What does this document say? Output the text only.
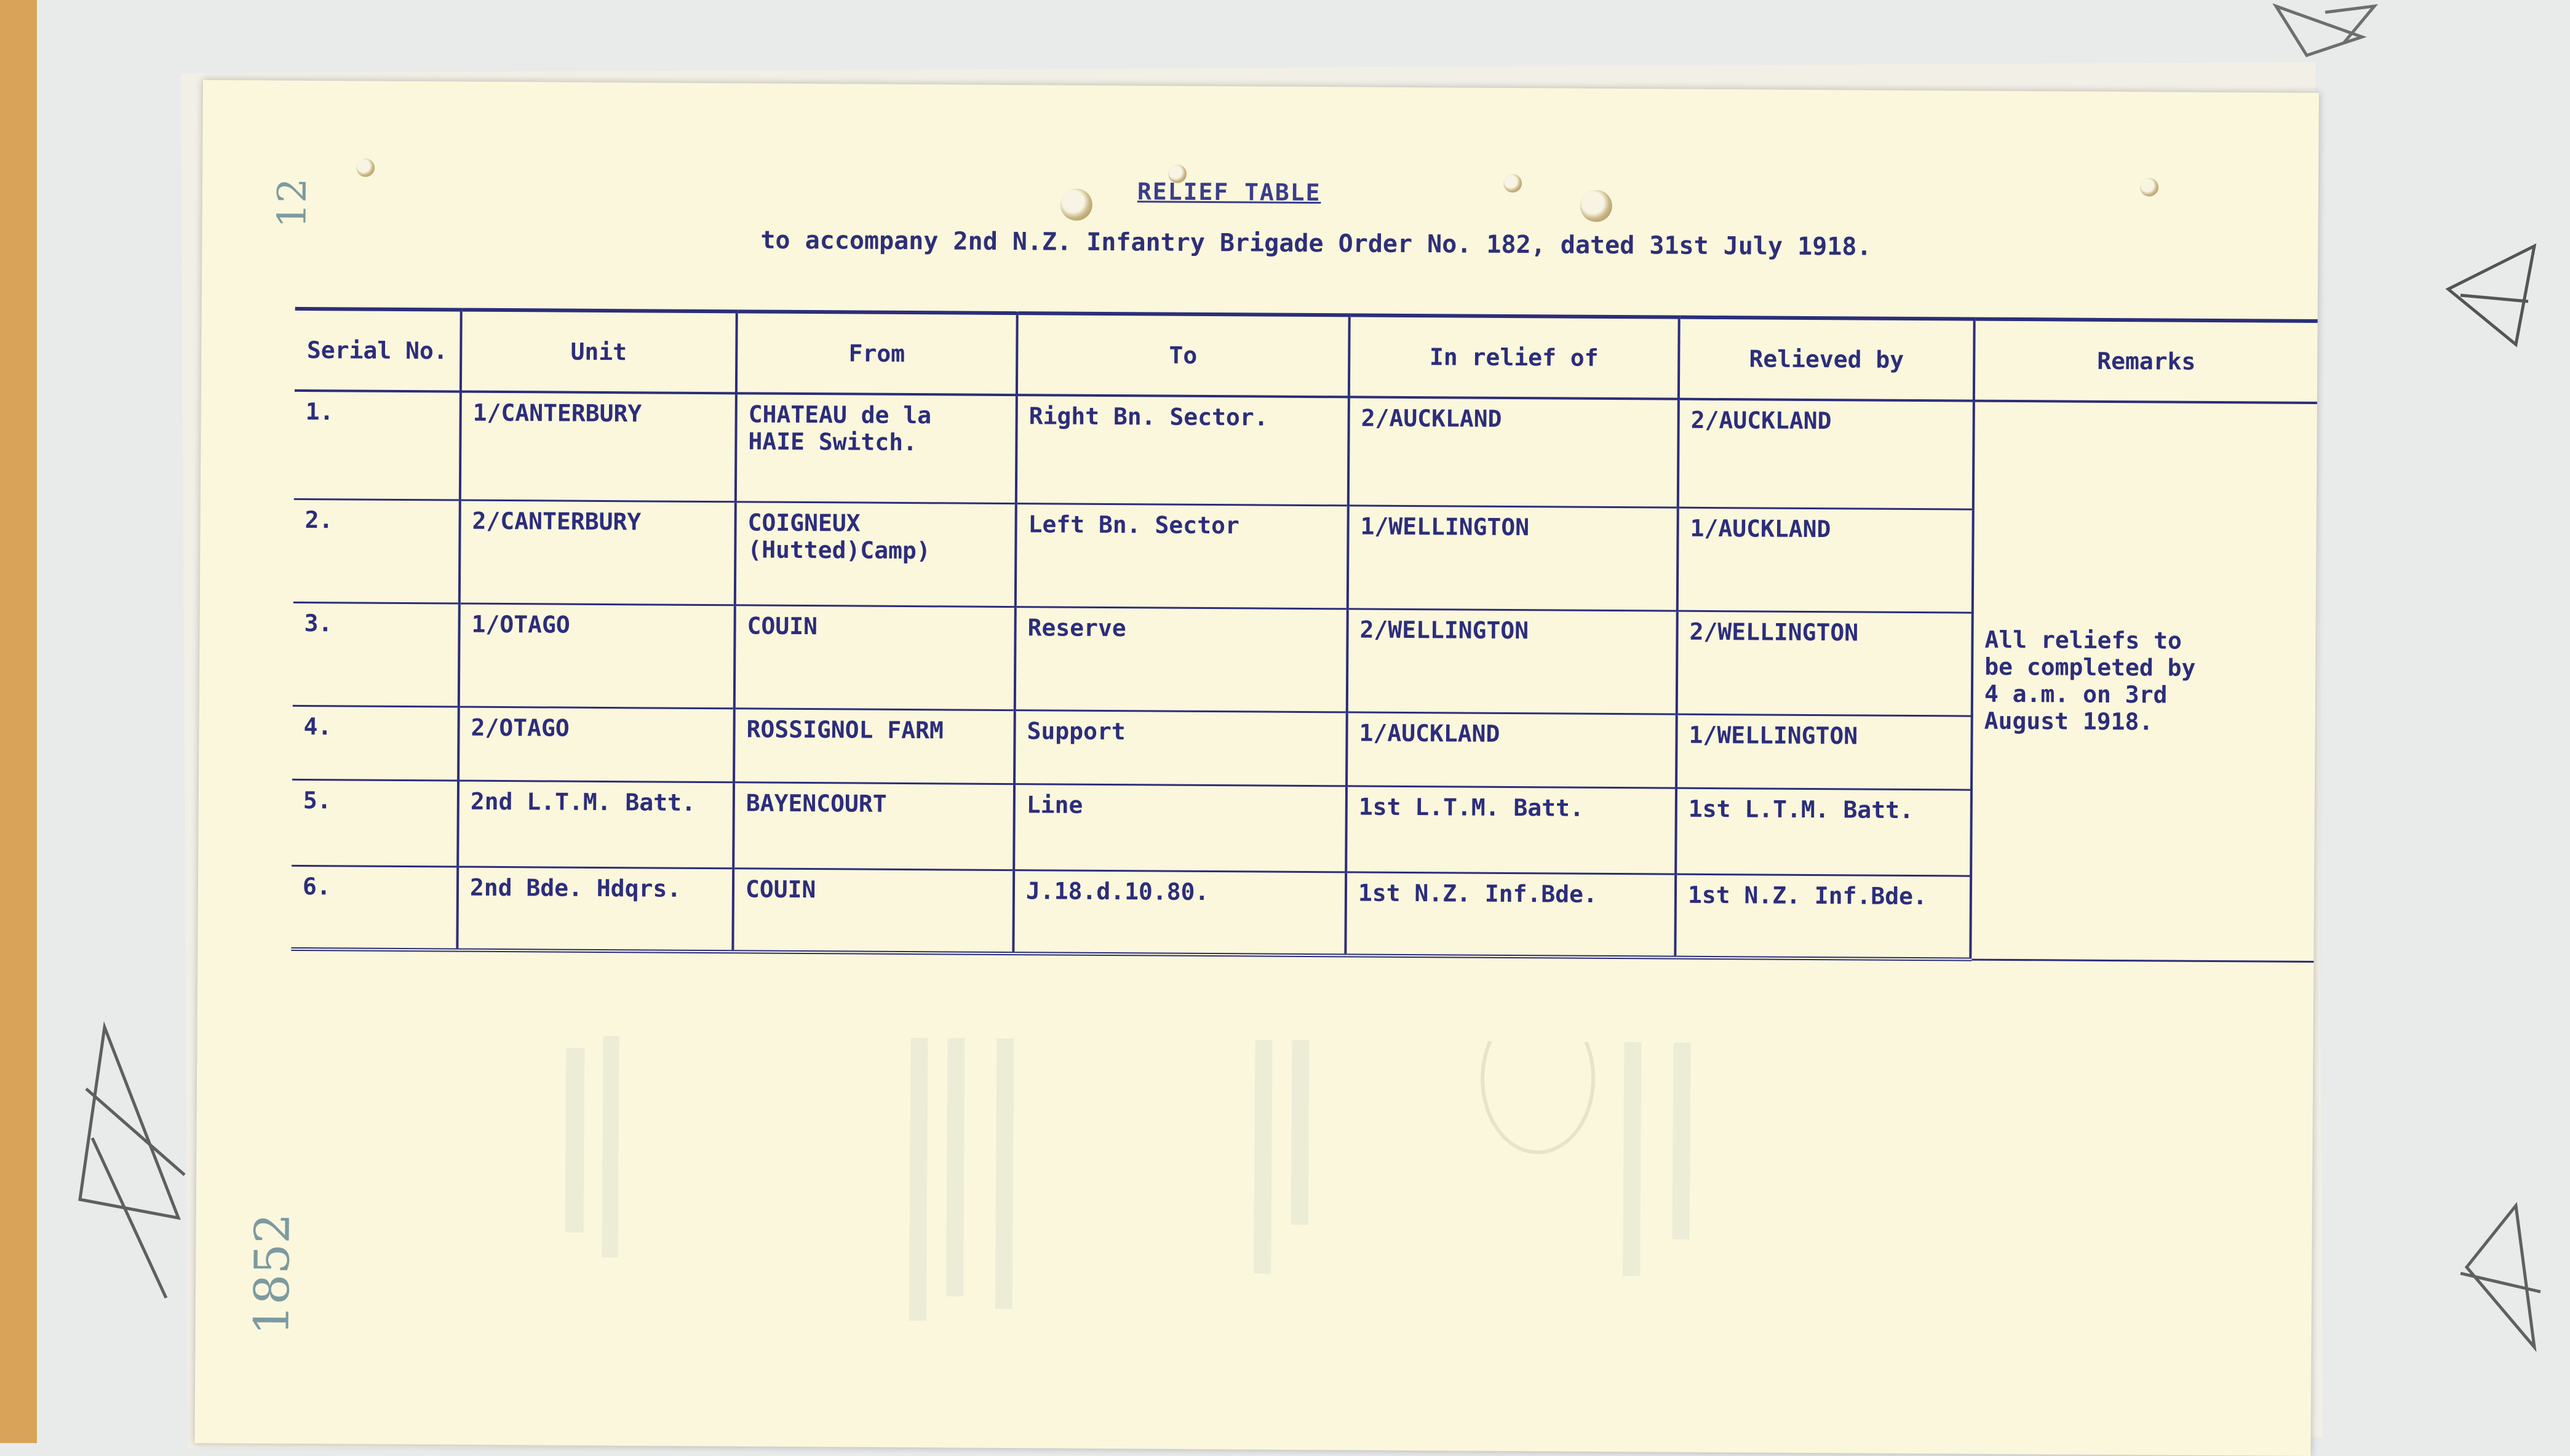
12
1852
RELIEF TABLE
to accompany 2nd N.Z. Infantry Brigade Order No. 182, dated 31st July 1918.
Serial No.	Unit	From	To	In relief of	Relieved by	Remarks
1.	1/CANTERBURY	CHATEAU de la
HAIE Switch.	Right Bn. Sector.	2/AUCKLAND	2/AUCKLAND	All reliefs to
be completed by
4 a.m. on 3rd
August 1918.
2.	2/CANTERBURY	COIGNEUX
(Hutted)Camp)	Left Bn. Sector	1/WELLINGTON	1/AUCKLAND	
3.	1/OTAGO	COUIN	Reserve	2/WELLINGTON	2/WELLINGTON	
4.	2/OTAGO	ROSSIGNOL FARM	Support	1/AUCKLAND	1/WELLINGTON	
5.	2nd L.T.M. Batt.	BAYENCOURT	Line	1st L.T.M. Batt.	1st L.T.M. Batt.	
6.	2nd Bde. Hdqrs.	COUIN	J.18.d.10.80.	1st N.Z. Inf.Bde.	1st N.Z. Inf.Bde.	
